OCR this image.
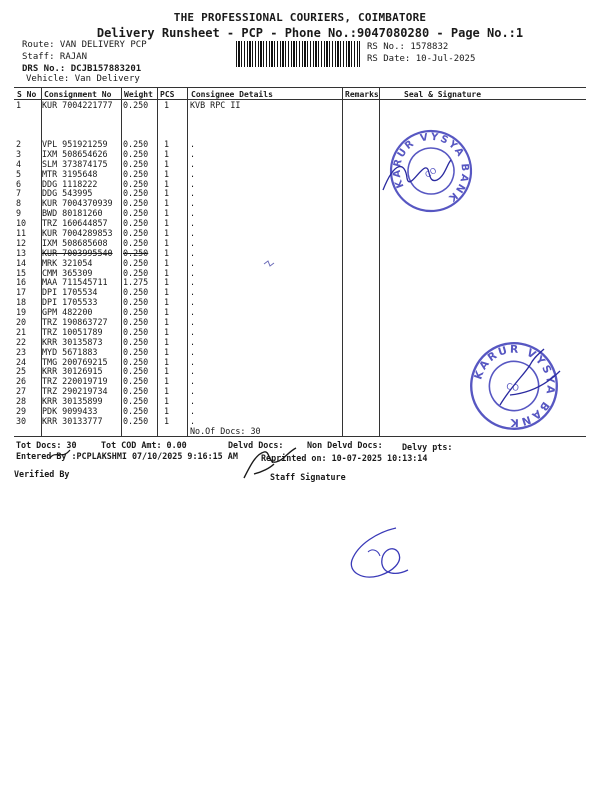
THE PROFESSIONAL COURIERS, COIMBATORE
Delivery Runsheet - PCP - Phone No.:9047080280 - Page No.:1
Route: VAN DELIVERY PCP
Staff: RAJAN
DRS No.: DCJB157883201
Vehicle: Van Delivery
RS No.: 1578832
RS Date: 10-Jul-2025
S No Consignment No Weight PCS Consignee Details	Remarks	Seal & Signature
1 KUR 7004221777 0.250 1 KVB RPC II
2 VPL 951921259 0.250 1 .
3 IXM 508654626 0.250 1 .
4 SLM 373874175 0.250 1 .
5 MTR 3195648	0.250 1 .
6 DDG 1118222	0.250 1 .
7 DDG 543995	0.250 1 .
8 KUR 7004370939 0.250 1 .
9 BWD 80181260 0.250 1 .
10 TRZ 160644857 0.250 1 .
11 KUR 7004289853 0.250 1 .
12 IXM 508685608 0.250 1 .
13 KUR 7003995540 0.250 1 .
14 MRK 321054	0.250 1 .
15 CMM 365309	0.250 1 .
16 MAA 711545711 1.275 1 .
17 DPI 1705534	0.250 1 .
18 DPI 1705533	0.250 1 .
19 GPM 482200	0.250 1 .
20 TRZ 190863727 0.250 1 .
21 TRZ 10051789 0.250 1 .
22 KRR 30135873 0.250 1 .
23 MYD 5671883	0.250 1 .
24 TMG 200769215 0.250 1 .
25 KRR 30126915 0.250 1 .
26 TRZ 220019719 0.250 1 .
27 TRZ 290219734 0.250 1 .
28 KRR 30135899 0.250 1 .
29 PDK 9099433	0.250 1 .
30 KRR 30133777 0.250 1 .
No.Of Docs: 30
Tot Docs: 30	Tot COD Amt: 0.00	Delvd Docs:	Non Delvd Docs: Delvy pts:
Entered By :PCPLAKSHMI 07/10/2025 9:16:15 AM	Reprinted on: 10-07-2025 10:13:14
Verified By	Staff Signature
KARUR VYSYA BANK
CO
KARUR VYSYA BANK
CO
